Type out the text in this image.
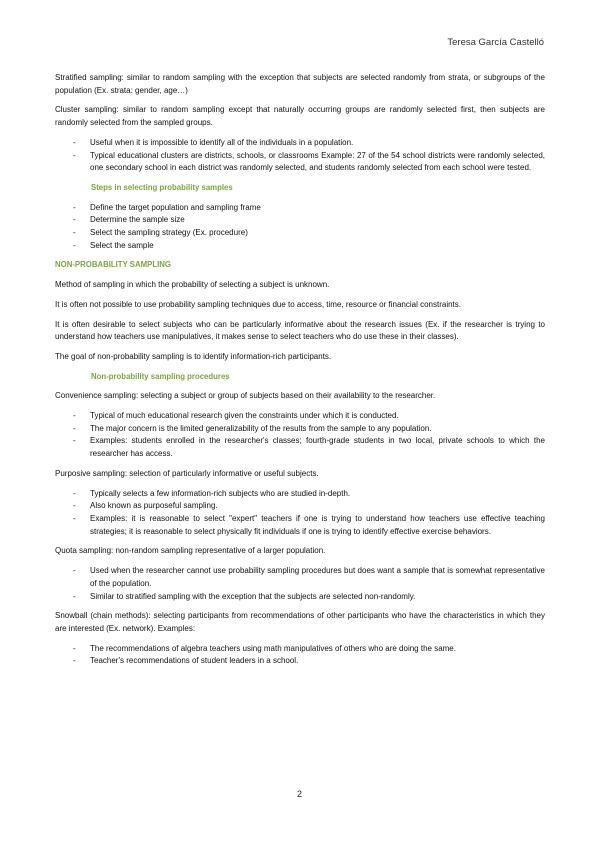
Teresa García Castelló

Stratified sampling: similar to random sampling with the exception that subjects are selected randomly from strata, or subgroups of the population (Ex. strata: gender, age…)

Cluster sampling: similar to random sampling except that naturally occurring groups are randomly selected first, then subjects are randomly selected from the sampled groups.

- Useful when it is impossible to identify all of the individuals in a population.
- Typical educational clusters are districts, schools, or classrooms Example: 27 of the 54 school districts were randomly selected, one secondary school in each district was randomly selected, and students randomly selected from each school were tested.
Steps in selecting probability samples
- Define the target population and sampling frame
- Determine the sample size
- Select the sampling strategy (Ex. procedure)
- Select the sample
NON-PROBABILITY SAMPLING

Method of sampling in which the probability of selecting a subject is unknown.

It is often not possible to use probability sampling techniques due to access, time, resource or financial constraints.

It is often desirable to select subjects who can be particularly informative about the research issues (Ex. if the researcher is trying to understand how teachers use manipulatives, it makes sense to select teachers who do use these in their classes).

The goal of non-probability sampling is to identify information-rich participants.

Non-probability sampling procedures

Convenience sampling: selecting a subject or group of subjects based on their availability to the researcher.

- Typical of much educational research given the constraints under which it is conducted.
- The major concern is the limited generalizability of the results from the sample to any population.
- Examples: students enrolled in the researcher's classes; fourth-grade students in two local, private schools to which the researcher has access.

Purposive sampling: selection of particularly informative or useful subjects.

- Typically selects a few information-rich subjects who are studied in-depth.
- Also known as purposeful sampling.
- Examples: it is reasonable to select "expert" teachers if one is trying to understand how teachers use effective teaching strategies; it is reasonable to select physically fit individuals if one is trying to identify effective exercise behaviors.

Quota sampling: non-random sampling representative of a larger population.

- Used when the researcher cannot use probability sampling procedures but does want a sample that is somewhat representative of the population.
- Similar to stratified sampling with the exception that the subjects are selected non-randomly.

Snowball (chain methods): selecting participants from recommendations of other participants who have the characteristics in which they are interested (Ex. network). Examples:

- The recommendations of algebra teachers using math manipulatives of others who are doing the same.
- Teacher's recommendations of student leaders in a school.
2
